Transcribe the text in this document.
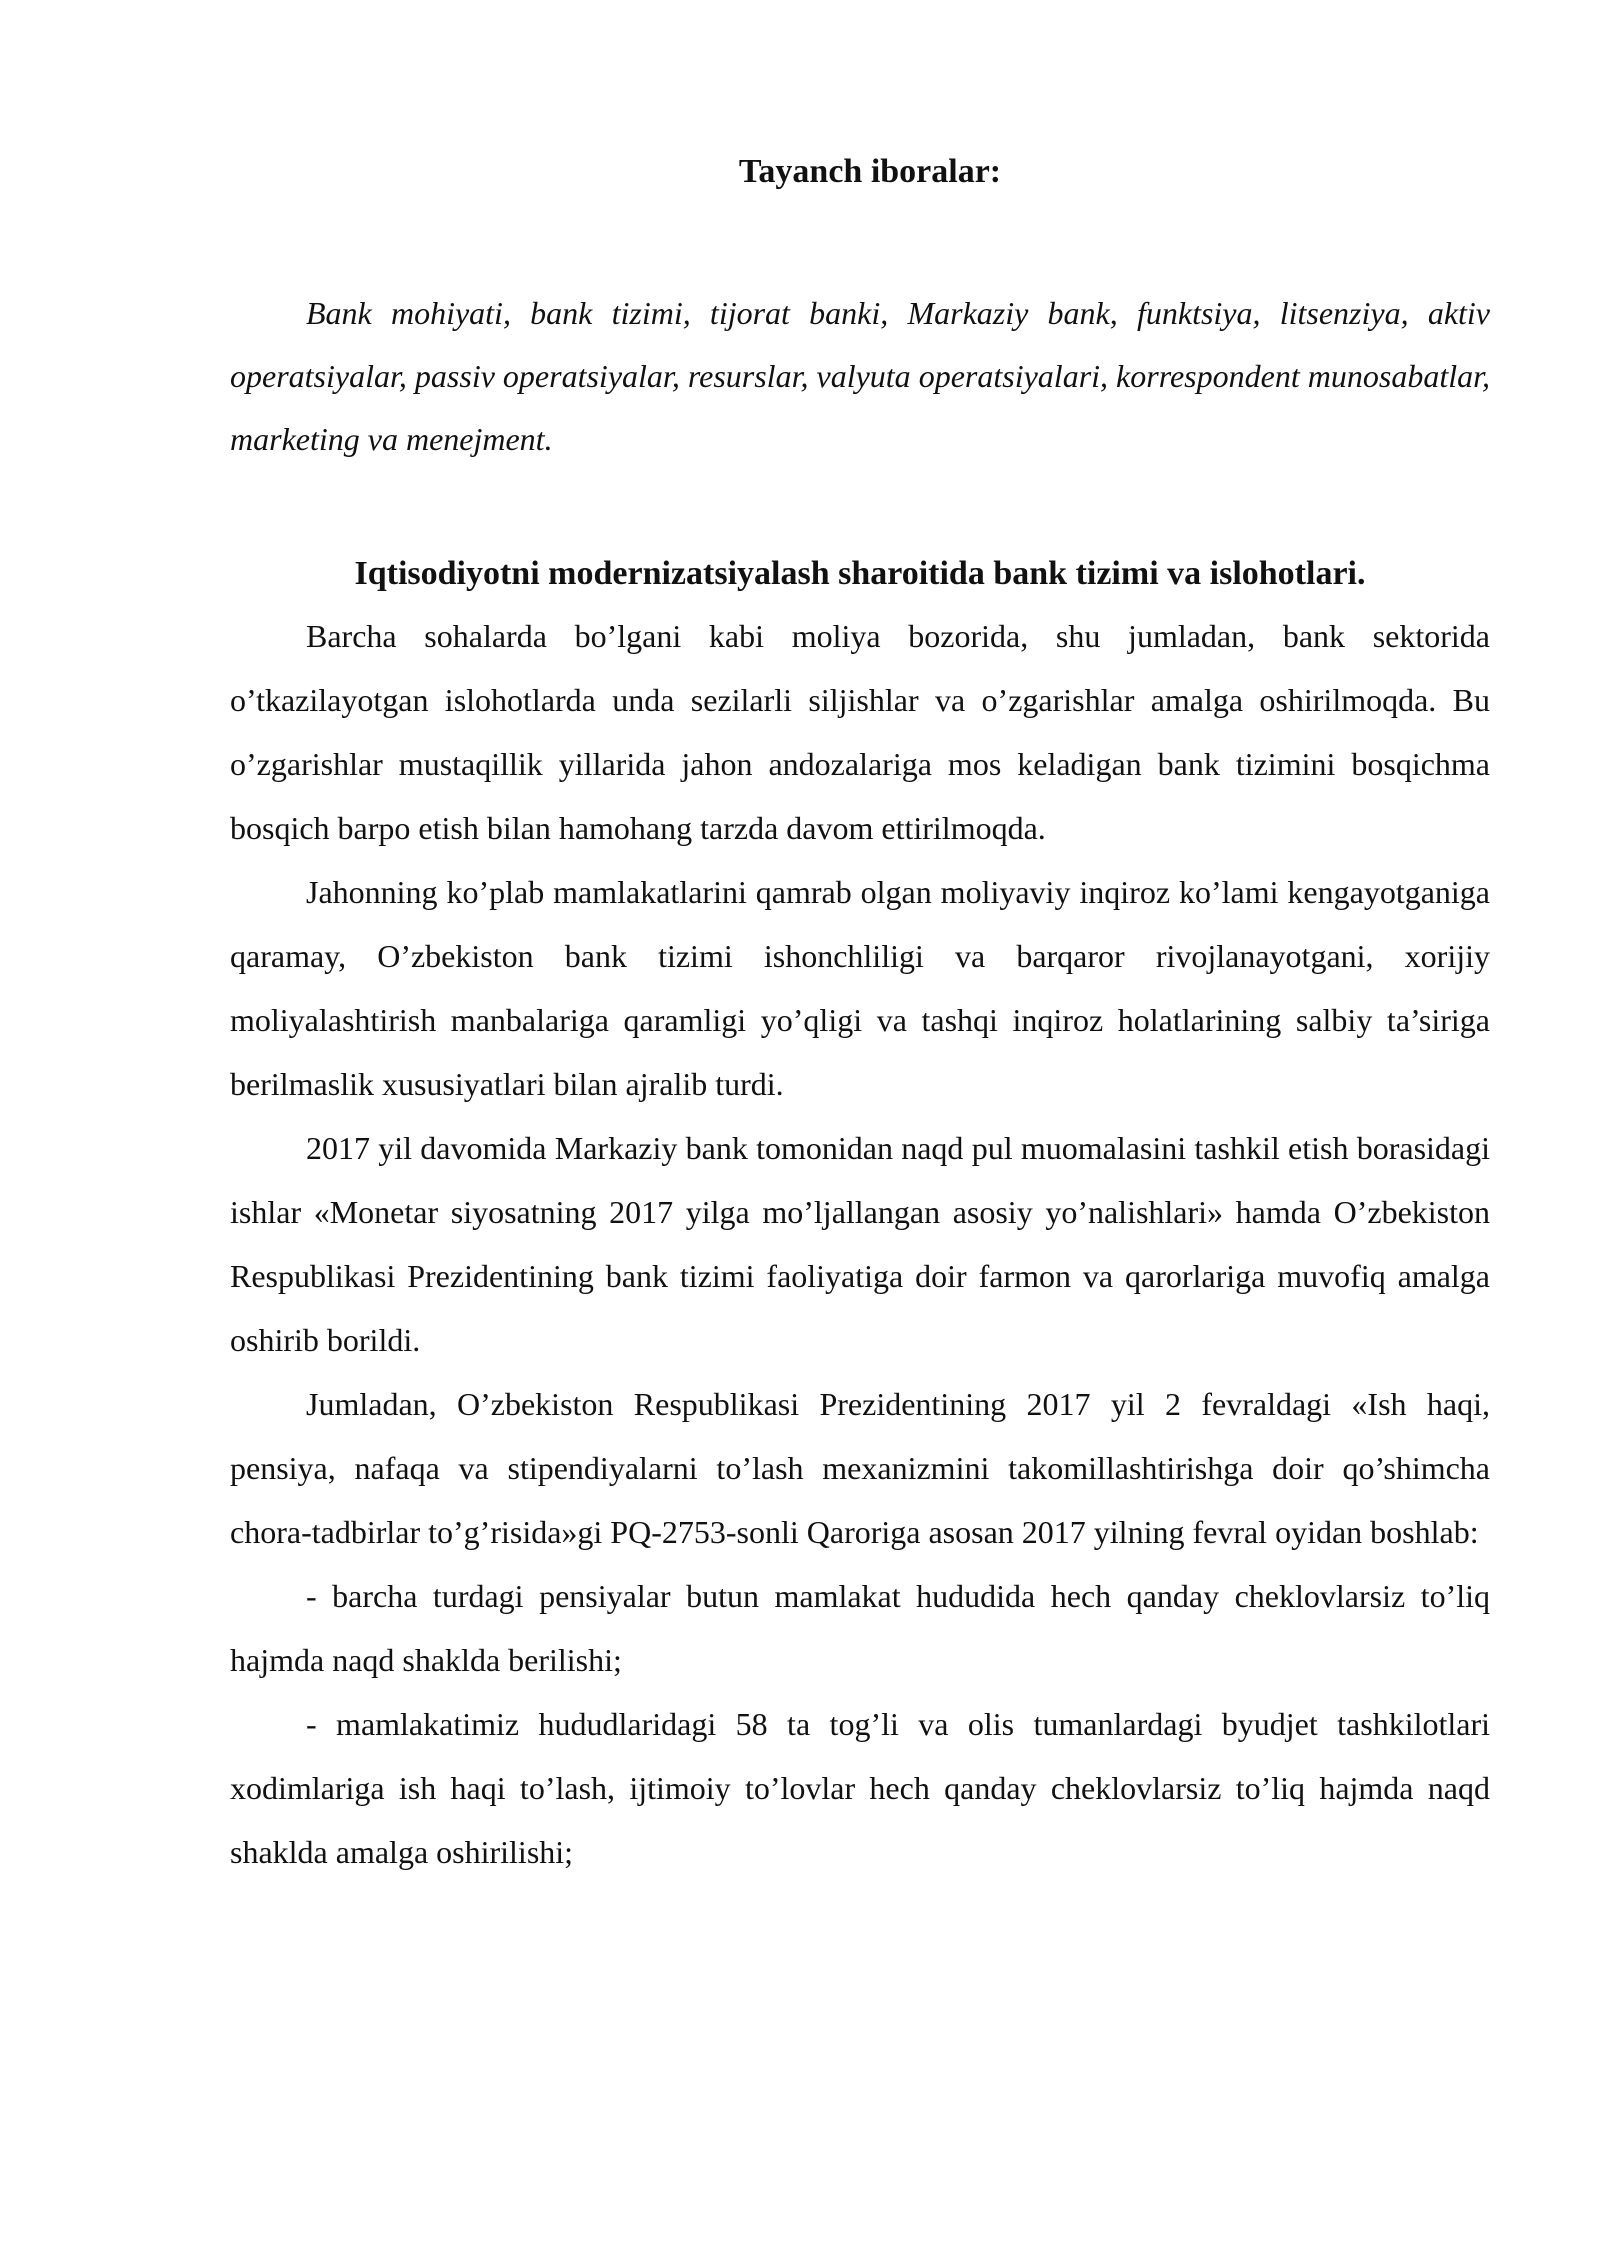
Tayanch iboralar:

Bank mohiyati, bank tizimi, tijorat banki, Markaziy bank, funktsiya, litsenziya, aktiv operatsiyalar, passiv operatsiyalar, resurslar, valyuta operatsiyalari, korrespondent munosabatlar, marketing va menejment.

Iqtisodiyotni modernizatsiyalash sharoitida bank tizimi va islohotlari.

Barcha sohalarda bo’lgani kabi moliya bozorida, shu jumladan, bank sektorida o’tkazilayotgan islohotlarda unda sezilarli siljishlar va o’zgarishlar amalga oshirilmoqda. Bu o’zgarishlar mustaqillik yillarida jahon andozalariga mos keladigan bank tizimini bosqichma bosqich barpo etish bilan hamohang tarzda davom ettirilmoqda.

Jahonning ko’plab mamlakatlarini qamrab olgan moliyaviy inqiroz ko’lami kengayotganiga qaramay, O’zbekiston bank tizimi ishonchliligi va barqaror rivojlanayotgani, xorijiy moliyalashtirish manbalariga qaramligi yo’qligi va tashqi inqiroz holatlarining salbiy ta’siriga berilmaslik xususiyatlari bilan ajralib turdi.

2017 yil davomida Markaziy bank tomonidan naqd pul muomalasini tashkil etish borasidagi ishlar «Monetar siyosatning 2017 yilga mo’ljallangan asosiy yo’nalishlari» hamda O’zbekiston Respublikasi Prezidentining bank tizimi faoliyatiga doir farmon va qarorlariga muvofiq amalga oshirib borildi.

Jumladan, O’zbekiston Respublikasi Prezidentining 2017 yil 2 fevraldagi «Ish haqi, pensiya, nafaqa va stipendiyalarni to’lash mexanizmini takomillashtirishga doir qo’shimcha chora-tadbirlar to’g’risida»gi PQ-2753-sonli Qaroriga asosan 2017 yilning fevral oyidan boshlab:

- barcha turdagi pensiyalar butun mamlakat hududida hech qanday cheklovlarsiz to’liq hajmda naqd shaklda berilishi;

- mamlakatimiz hududlaridagi 58 ta tog’li va olis tumanlardagi byudjet tashkilotlari xodimlariga ish haqi to’lash, ijtimoiy to’lovlar hech qanday cheklovlarsiz to’liq hajmda naqd shaklda amalga oshirilishi;
